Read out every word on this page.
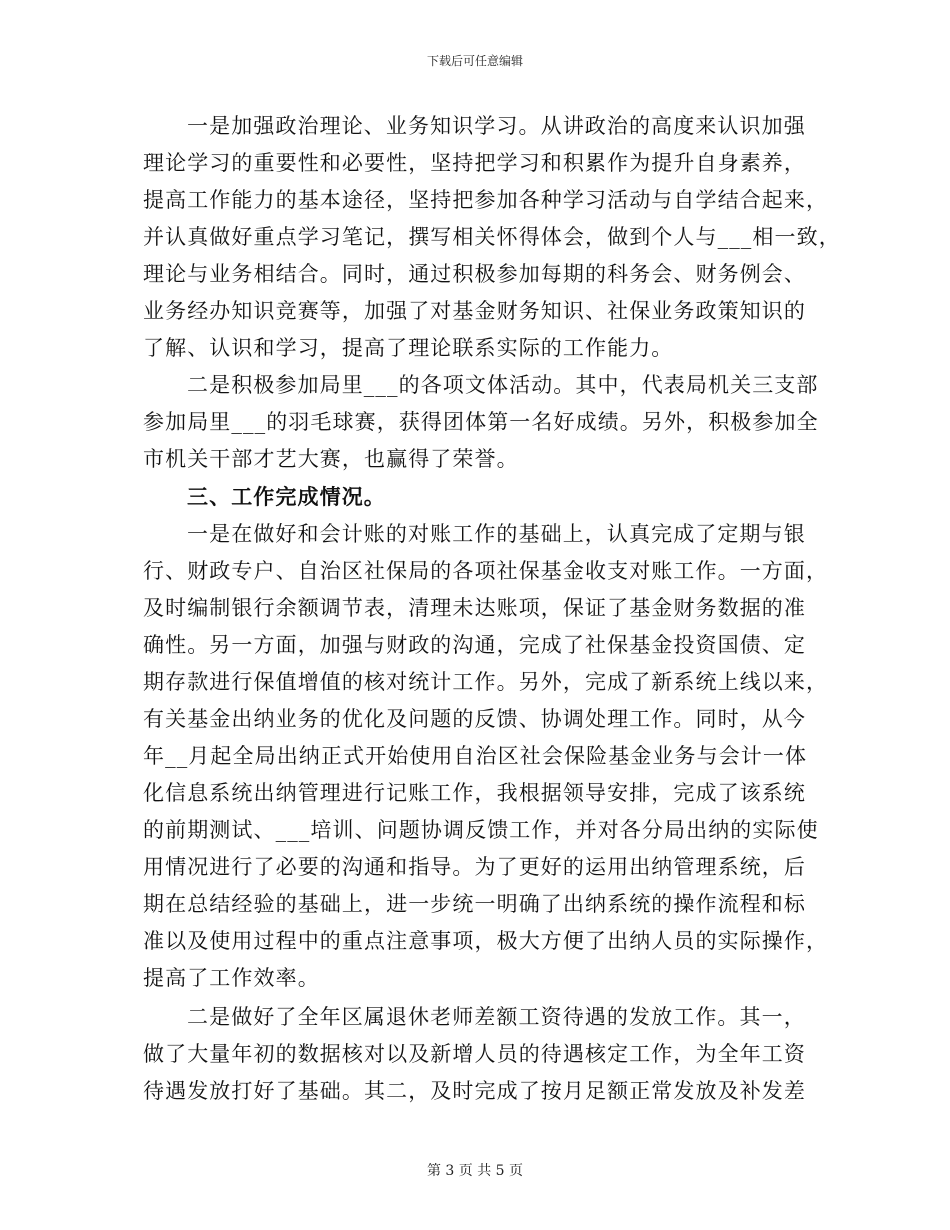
下载后可任意编辑
一是加强政治理论、业务知识学习。从讲政治的高度来认识加强
理论学习的重要性和必要性，坚持把学习和积累作为提升自身素养，
提高工作能力的基本途径，坚持把参加各种学习活动与自学结合起来，
并认真做好重点学习笔记，撰写相关怀得体会，做到个人与___相一致，
理论与业务相结合。同时，通过积极参加每期的科务会、财务例会、
业务经办知识竞赛等，加强了对基金财务知识、社保业务政策知识的
了解、认识和学习，提高了理论联系实际的工作能力。
二是积极参加局里___的各项文体活动。其中，代表局机关三支部
参加局里___的羽毛球赛，获得团体第一名好成绩。另外，积极参加全
市机关干部才艺大赛，也赢得了荣誉。
三、工作完成情况。
一是在做好和会计账的对账工作的基础上，认真完成了定期与银
行、财政专户、自治区社保局的各项社保基金收支对账工作。一方面，
及时编制银行余额调节表，清理未达账项，保证了基金财务数据的准
确性。另一方面，加强与财政的沟通，完成了社保基金投资国债、定
期存款进行保值增值的核对统计工作。另外，完成了新系统上线以来，
有关基金出纳业务的优化及问题的反馈、协调处理工作。同时，从今
年__月起全局出纳正式开始使用自治区社会保险基金业务与会计一体
化信息系统出纳管理进行记账工作，我根据领导安排，完成了该系统
的前期测试、___培训、问题协调反馈工作，并对各分局出纳的实际使
用情况进行了必要的沟通和指导。为了更好的运用出纳管理系统，后
期在总结经验的基础上，进一步统一明确了出纳系统的操作流程和标
准以及使用过程中的重点注意事项，极大方便了出纳人员的实际操作，
提高了工作效率。
二是做好了全年区属退休老师差额工资待遇的发放工作。其一，
做了大量年初的数据核对以及新增人员的待遇核定工作，为全年工资
待遇发放打好了基础。其二，及时完成了按月足额正常发放及补发差
第 3 页 共 5 页
